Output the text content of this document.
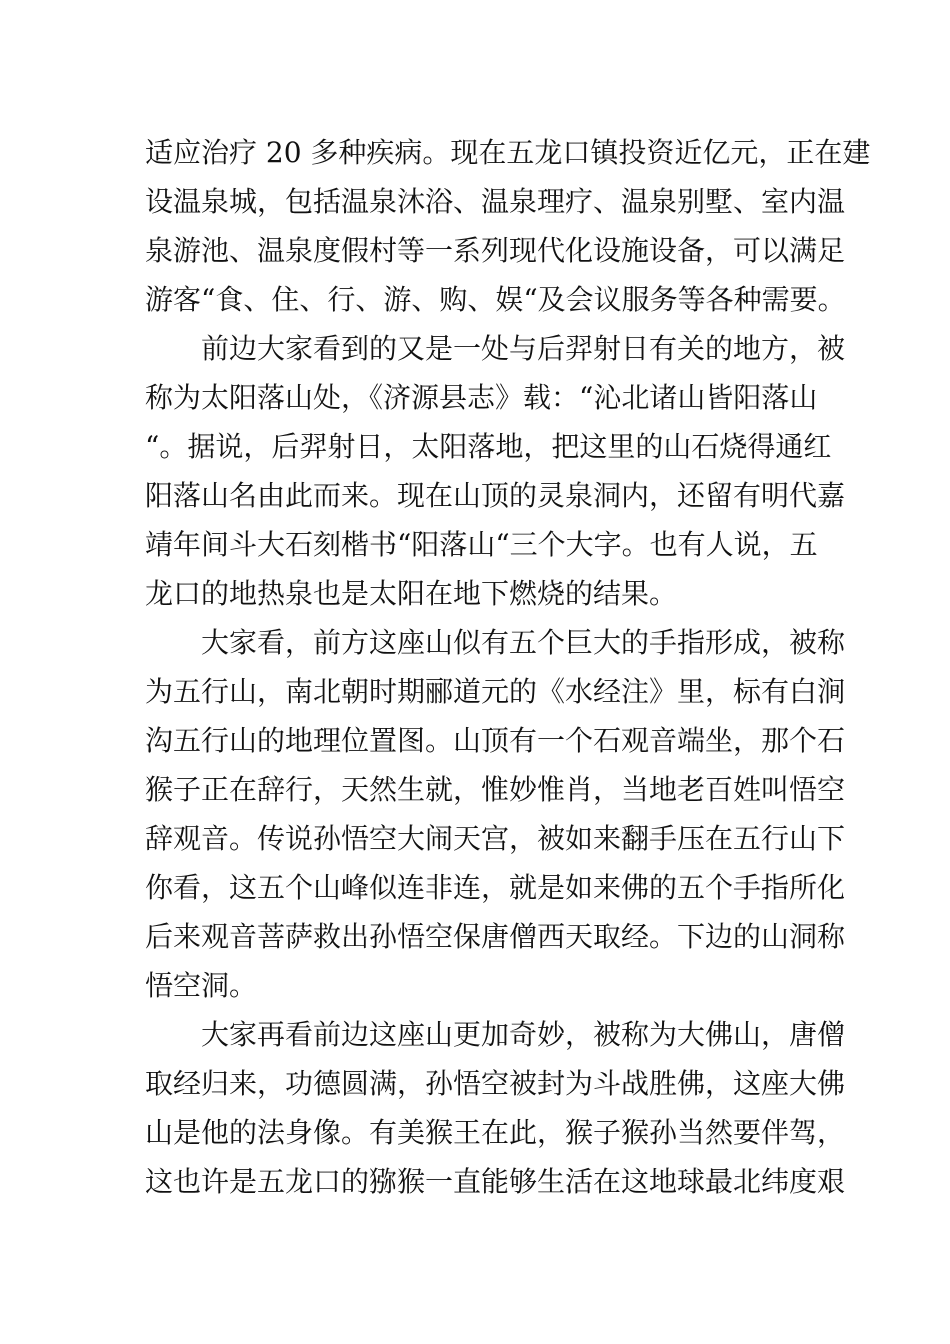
适应治疗 20 多种疾病。现在五龙口镇投资近亿元，正在建
设温泉城，包括温泉沐浴、温泉理疗、温泉别墅、室内温
泉游池、温泉度假村等一系列现代化设施设备，可以满足
游客“食、住、行、游、购、娱“及会议服务等各种需要。
　　前边大家看到的又是一处与后羿射日有关的地方，被
称为太阳落山处，《济源县志》载：“沁北诸山皆阳落山
“。据说，后羿射日，太阳落地，把这里的山石烧得通红
阳落山名由此而来。现在山顶的灵泉洞内，还留有明代嘉
靖年间斗大石刻楷书“阳落山“三个大字。也有人说，五
龙口的地热泉也是太阳在地下燃烧的结果。
　　大家看，前方这座山似有五个巨大的手指形成，被称
为五行山，南北朝时期郦道元的《水经注》里，标有白涧
沟五行山的地理位置图。山顶有一个石观音端坐，那个石
猴子正在辞行，天然生就，惟妙惟肖，当地老百姓叫悟空
辞观音。传说孙悟空大闹天宫，被如来翻手压在五行山下
你看，这五个山峰似连非连，就是如来佛的五个手指所化
后来观音菩萨救出孙悟空保唐僧西天取经。下边的山洞称
悟空洞。
　　大家再看前边这座山更加奇妙，被称为大佛山，唐僧
取经归来，功德圆满，孙悟空被封为斗战胜佛，这座大佛
山是他的法身像。有美猴王在此，猴子猴孙当然要伴驾，
这也许是五龙口的猕猴一直能够生活在这地球最北纬度艰
